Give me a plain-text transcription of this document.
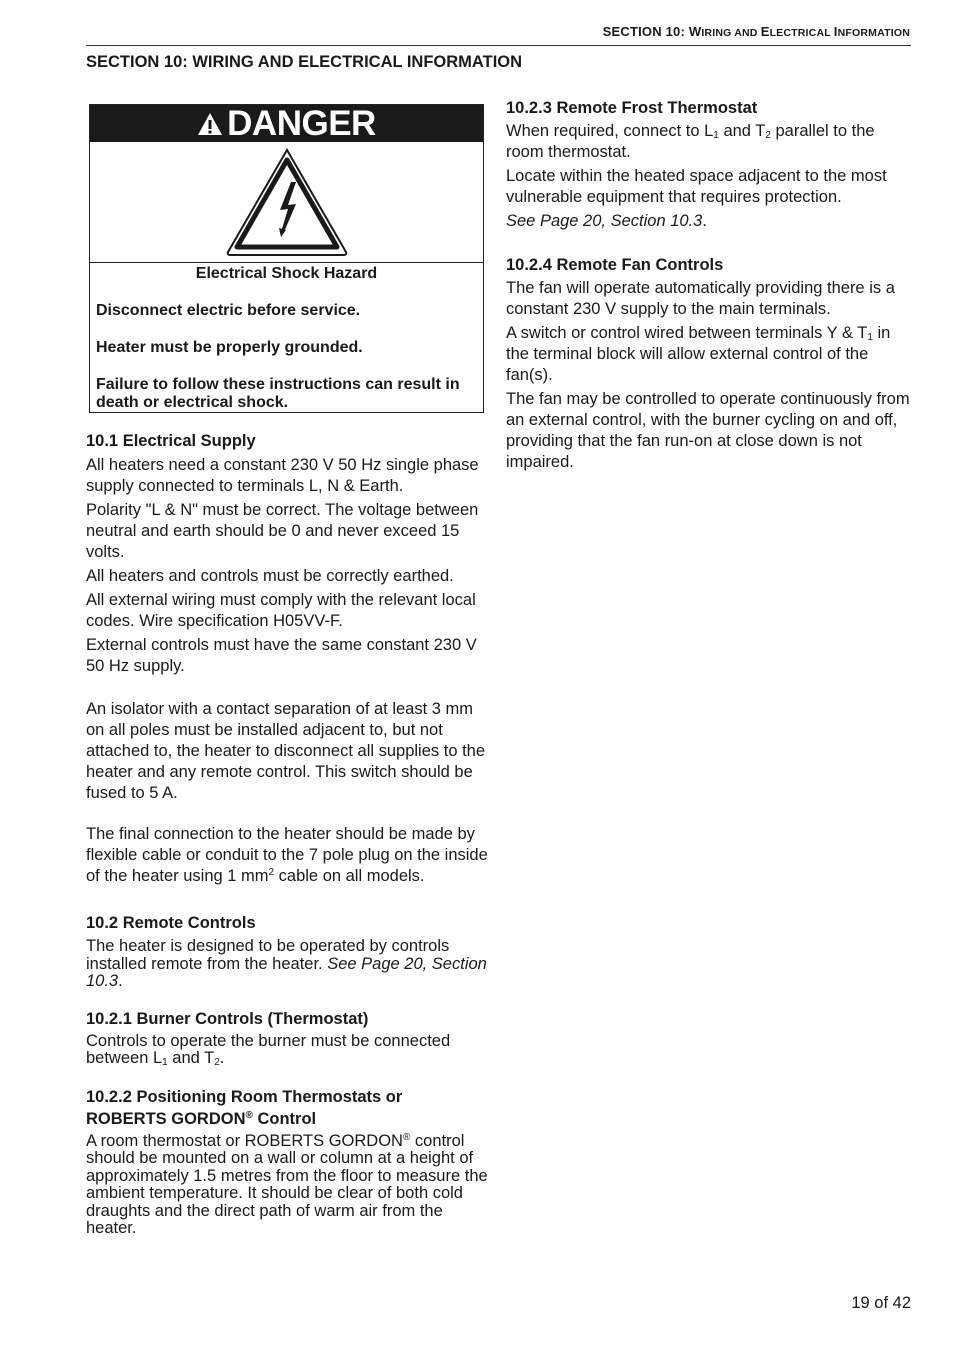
SECTION 10: WIRING AND ELECTRICAL INFORMATION
SECTION 10: WIRING AND ELECTRICAL INFORMATION
DANGER

Electrical Shock Hazard

Disconnect electric before service.

Heater must be properly grounded.

Failure to follow these instructions can result in death or electrical shock.

10.1 Electrical Supply

All heaters need a constant 230 V 50 Hz single phase supply connected to terminals L, N & Earth.

Polarity "L & N" must be correct. The voltage between neutral and earth should be 0 and never exceed 15 volts.

All heaters and controls must be correctly earthed.

All external wiring must comply with the relevant local codes. Wire specification H05VV-F.

External controls must have the same constant 230 V 50 Hz supply.

An isolator with a contact separation of at least 3 mm on all poles must be installed adjacent to, but not attached to, the heater to disconnect all supplies to the heater and any remote control. This switch should be fused to 5 A.

The final connection to the heater should be made by flexible cable or conduit to the 7 pole plug on the inside of the heater using 1 $mm^2$ cable on all models.

10.2 Remote Controls

The heater is designed to be operated by controls installed remote from the heater. See Page 20, Section 10.3.

10.2.1 Burner Controls (Thermostat)

Controls to operate the burner must be connected between $L_1$ and $T_2$.

10.2.2 Positioning Room Thermostats or
ROBERTS GORDON® Control

A room thermostat or ROBERTS GORDON® control should be mounted on a wall or column at a height of approximately 1.5 metres from the floor to measure the ambient temperature. It should be clear of both cold draughts and the direct path of warm air from the heater.

10.2.3 Remote Frost Thermostat

When required, connect to $L_1$ and $T_2$ parallel to the room thermostat.

Locate within the heated space adjacent to the most vulnerable equipment that requires protection.

See Page 20, Section 10.3.

10.2.4 Remote Fan Controls

The fan will operate automatically providing there is a constant 230 V supply to the main terminals.

A switch or control wired between terminals Y & $T_1$ in the terminal block will allow external control of the fan(s).

The fan may be controlled to operate continuously from an external control, with the burner cycling on and off, providing that the fan run-on at close down is not impaired.

19 of 42
